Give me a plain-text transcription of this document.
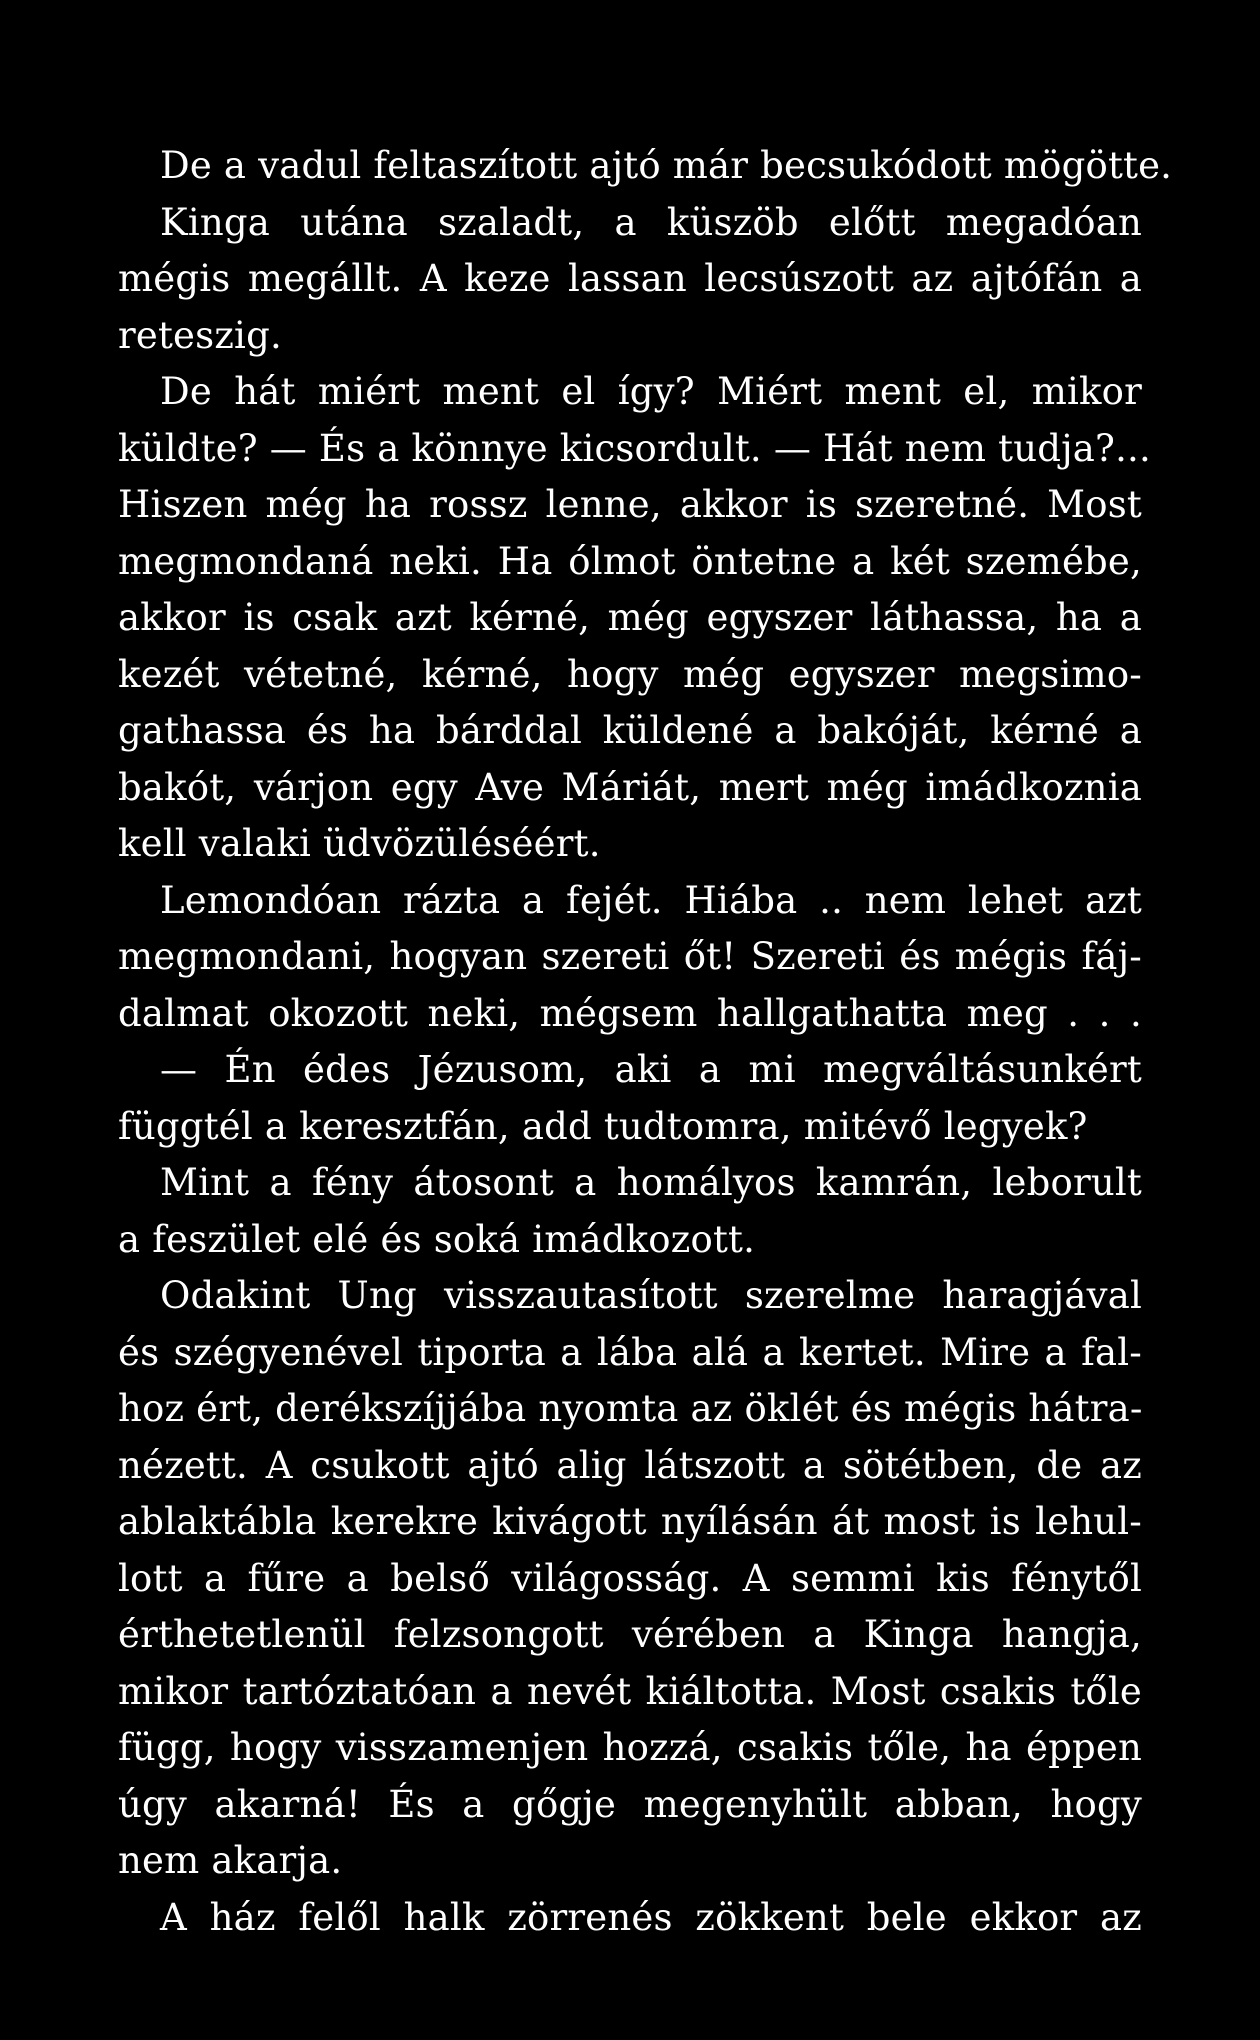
De a vadul feltaszított ajtó már becsukódott mögötte.
Kinga utána szaladt, a küszöb előtt megadóan
mégis megállt. A keze lassan lecsúszott az ajtófán a
reteszig.
De hát miért ment el így? Miért ment el, mikor
küldte? — És a könnye kicsordult. — Hát nem tudja?...
Hiszen még ha rossz lenne, akkor is szeretné. Most
megmondaná neki. Ha ólmot öntetne a két szemébe,
akkor is csak azt kérné, még egyszer láthassa, ha a
kezét vétetné, kérné, hogy még egyszer megsimo-
gathassa és ha bárddal küldené a bakóját, kérné a
bakót, várjon egy Ave Máriát, mert még imádkoznia
kell valaki üdvözüléséért.
Lemondóan rázta a fejét. Hiába .. nem lehet azt
megmondani, hogyan szereti őt! Szereti és mégis fáj-
dalmat okozott neki, mégsem hallgathatta meg . . .
— Én édes Jézusom, aki a mi megváltásunkért
függtél a keresztfán, add tudtomra, mitévő legyek?
Mint a fény átosont a homályos kamrán, leborult
a feszület elé és soká imádkozott.
Odakint Ung visszautasított szerelme haragjával
és szégyenével tiporta a lába alá a kertet. Mire a fal-
hoz ért, derékszíjjába nyomta az öklét és mégis hátra-
nézett. A csukott ajtó alig látszott a sötétben, de az
ablaktábla kerekre kivágott nyílásán át most is lehul-
lott a fűre a belső világosság. A semmi kis fénytől
érthetetlenül felzsongott vérében a Kinga hangja,
mikor tartóztatóan a nevét kiáltotta. Most csakis tőle
függ, hogy visszamenjen hozzá, csakis tőle, ha éppen
úgy akarná! És a gőgje megenyhült abban, hogy
nem akarja.
A ház felől halk zörrenés zökkent bele ekkor az
